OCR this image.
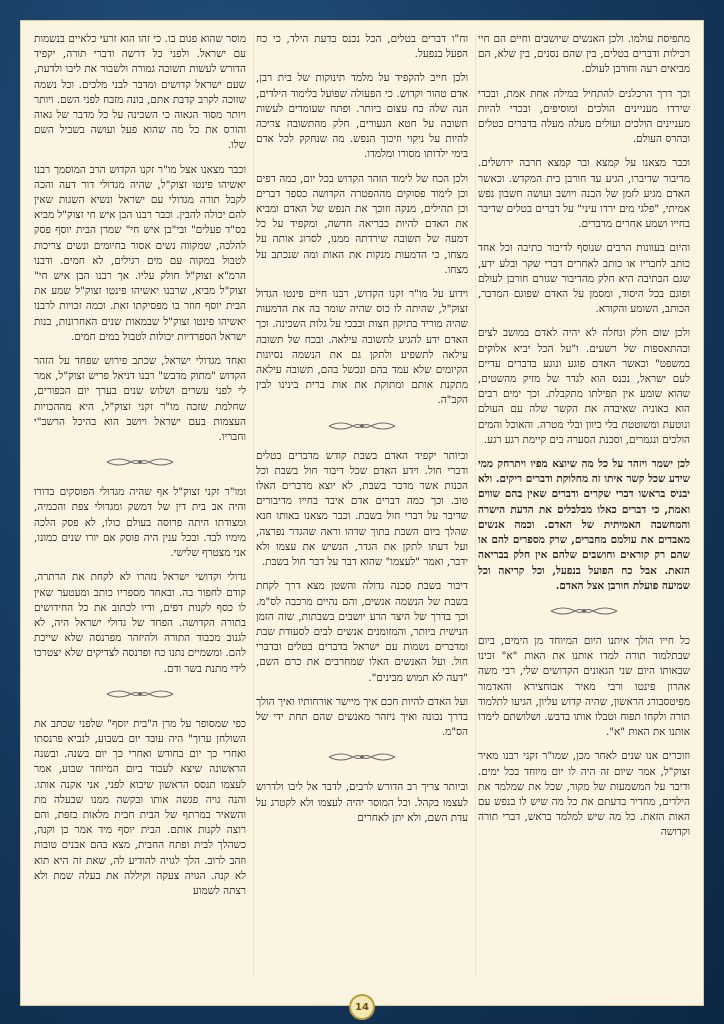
מתפיסת עולמו. ולכן האנשים שיושבים וחיים הם חיי רכילות ודברים בטלים, בין שהם נסנים, בין שלא, הם מביאים רעה וחורבן לעולם.

וכך דרך הרכלנים להתחיל במילה אחת אמת, ובכדי שירדו מעניינים הולכים ומוסיפים, ובכדי להיות מעניינים הולכים ועולים מעלה מעלה בדברים בטלים ובהרס העולם.

וכבר מצאנו על קמצא ובר קמצא חרבה ירושלים. מדיבור שדיברו, הגיע עד חורבן בית המקדש. וכאשר האדם מגיע לזמן של הבנה ויושב ועושה חשבון נפש אמיתי, "פלגי מים ירדו עיני" על דברים בטלים שדיבר בחייו ושמע אחרים מדברים.

והיום בעוונות הרבים שנוסף לדיבור כתיבה וכל אחד כותב לחבריו או כותב לאחרים דברי שקר ובלע ידע, שגם הכתיבה היא חלק מהדיבור שגורם חורבן לעולם ופוגם בכל היסוד, ומסמן על האדם שפוגם המדבר, הכותב, השומע והקורא.

ולכן שום חלק ונחלה לא יהיה לאדם במושב לצים ובהתאספות של רשעים. ו"על הכל יביא אלוקים במשפט" וכאשר האדם פוגע ונוגע בדברים עדיים לעם ישראל, נכנס הוא לגדר של מזיק מהשטים, שהוא שומע אין תפילתו מתקבלת. וכך ימים רבים הוא כאוניה שאיבדה את הקשר שלה עם העולם ונוטעת ומשוטטת בלי כיוון ובלי מטרה. והאוכל והמים הולכים ונגמרים, וסכנת הסערה בים קיימת רגע רגע.

לכן ישמר ויזהר על כל מה שיוצא מפיו ויתרחק ממי שידע שכל קשר איתו זה מחלוקת ודברים ריקים. ולא יבניס בראשו דברי שקרים ודברים שאין בהם שווים ואמת, כי דברים כאלו מבלבלים את הדעת הישרה והמחשבה האמיתית של האדם. וכמה אנשים מאבדים את עולמם מחברים, שרק מספרים להם או שהם רק קוראים וחושבים שלהם אין חלק בבריאה הזאת. אבל כח הפועל בנפעל, וכל קריאה וכל שמיעה פועלת חורבן אצל האדם.

כל חייו הולך איתנו היום המיוחד מן הימים, ביום שבתלמוד תורה למדו אותנו את האות "א" זכינו שבאותו היום שני הגאונים הקדושים שלי, רבי משה אהרון פינטו ורבי מאיר אבוחצירא והאדמור מפיטסבורג הראשון, שהיה קדוש עליון, הגיעו לתלמוד תורה ולקחו תפוח וטבלו אותו בדבש. ושלושתם לימדו אותנו את האות "א".

וזוכרים אנו שנים לאחר מכן, שמו"ר זקני רבנו מאיר זצוק"ל, אמר שיום זה היה לו יום מיוחד בכל ימים. ודיבר על המשמעות של מקור, שכל את שמלמד את הילדים, מחדיר בדעתם את כל מה שיש לו בנפש עם האות הזאת. כל מה שיש למלמד בראש, דברי תורה וקדושה

וח"ו דברים בטלים, הכל נכנס בדעת הילד, כי כח הפעל בנפעל.

ולכן חייב להקפיד על מלמד תינוקות של בית רבן, אדם טהור וקדוש. כי הפעולה שפועל בלימוד הילדים, הנה שלה כח עצום ביותר. ופתח שעומדים לעשות תשובה על חטא הנעורים, חלק מהתשובה צריכה להיות על ניקוי וזיכוך הנפש. מה שנחקק לכל אדם בימי ילדותו מסורו ומלמדו.

ולכן הכח של לימוד הזהר הקדוש בכל יום, כמה דפים וכן לימוד פסוקים מההפטרה הקדושה כספר דברים וכן תהילים, מנקה וזוכך את הנפש של האדם ומביא את האדם להיות כבריאה חדשה, ומקפיד על כל דמעה של תשובה שירדתה ממנו, לסרוג אותה על מצחו, כי הדמעות מנקות את האות ומה שנכתב על מצחו.

וידוע על מו"ר זקנו הקדוש, רבנו חיים פינטו הגדול זצוק"ל, שהיתה לו כוס שהיה שומר בה את הדמעות שהיה מוריד בתיקון חצות ובבכי על גלות השכינה. וכך האדם ידע להגיע לתשובה עילאה. ובכח של תשובה עילאה לתשפיע ולתקן גם את הנשמה נסיונות הקיומים שלא עמד בהם ונכשל בהם, תשובה עילאה מתקנת אותם ומתוקת את אות ברית בינינו לבין הקב"ה.

וביותר יקפיד האדם בשבת קודש מדברים בטלים ודברי חול. וידע האדם שכל דיבור חול בשבת וכל הכנות אשר מדבר בשבת, לא יוצא מדברים האלו טוב. וכך כמה דברים אדם איבד בחייו מדיבורים שדיבר על דברי חול בשבת. וכבר מצאנו באותו חנא שהלך ביום השבת בתוך שדהו וראה שהגדר נפרצה, ועל דעתו לתקן את הגדר, הנשיש את עצמו ולא ידבר, ואמר "לעצמו" שהוא דבר על דבר חול בשבת.

דיבור בשבת סכנה גדולה והשטן מצא דרך לקחת בשבת של הנשמה אנשים, והם נהיים מרכבה לס"מ. וכך בדרך של היצר הרע יושבים בשבתות, שזה הזמן הנישית ביותר, והמזומנים אנשים לבים לסעודת שבת ומדברים נשמות עם ישראל בדברים בטלים ובדברי חול. ועל האנשים האלו שמחרבים את כרם השם, "דעה לא תמוש מבינים".

ועל האדם להיות חכם איך מיישר אורחותיו ואיך הולך בדרך נכונה ואיך ניזהר מאנשים שהם תחת ידי של הס"מ.

וביותר צריך רב הדורש לרבים, לדבר אל ליבו ולדרוש לעצמו בקהל. וכל המוסר יהיה לעצמו ולא לקטרג על עדת השם, ולא יתן לאחרים

מוסר שהוא פגום בו. כי זהו הוא זרעי כלאיים בנשמות עם ישראל. ולפני כל דרשה ודברי תורה, יקפיד הדורש לעשות תשובה גמורה ולשבור את ליבו ולדעת, שעם ישראל קדושים ומדבר לבני מלכים. וכל נשמה שזוכה לקרב קדבת אתם, בונה מזבח לפני השם. ויותר ויותר מסוד הגאוה כי השכינה על כל מדבר של גאוה והורס את כל מה שהוא פעל ועושה בשביל השם שלו.

וכבר מצאנו אצל מו"ר זקנו הקדוש הרב המוסמך רבנו יאשיהו פינטו זצוק"ל, שהיה מגדולי דור דעה והכה לקבל תורה מגדולי עם ישראל ונשיא השגות שאין להם יכולה להבין. וכבר רבנו הבן איש חי זצוק"ל מביא בס"ד פעלים" ובי"בן איש חי" שמרן הבית יוסף פסק להלכה, שמקווה נשים אסור בחיומים ונשים צריכות לטבול במקוה עם מים רגילים, לא חמים. ודבנו הרמ"א זצוק"ל חולק עליו. אך רבנו הבן איש חי" זצוק"ל מביא, שרבנו יאשיהו פינטו זצוק"ל שמע את הבית יוסף חוזר בו מפסיקתו זאת. וכמה זכויות לרבנו יאשיהו פינטו זצוק"ל שבמאות שנים האחרונות, בנות ישראל הספרדיות יכולות לטבול במים חמים.

ואחד מגדולי ישראל, שכתב פירוש שפחד על הזהר הקדוש "מתוק מדבש" רבנו דניאל פריש זצוק"ל, אמר לי לפני עשרים ושלוש שנים בערך יום הכפורים, שחלמת שזכה מו"ר זקני זצוק"ל, היא מההכויות העצמות בעם ישראל ויושב הוא בהיכל הרשב"י וחבריו.

ומו"ר זקני זצוק"ל אף שהיה מגדולי הפוסקים בדורו והיה אב בית דין של דמשק ומגדולי צפת והכמיה, ומצודתו היתה פרוסה בעולם כולו, לא פסק הלכה מימיו לבד. ובכל ענין היה פוסק אם יורו שנים כמונו, אני מצטרף שלישי.

גדולי וקדושי ישראל נזהרו לא לקחת את הרתרה, קודם לחפור בה. ובאחד מספריו כותב ומעטער שאין לו כסף לקנות דפים, ודיו לכתוב את כל החידושים בתורה הקדושה. הפחד של גדולי ישראל היה, לא לגנוב מכבוד התורה ולהיזהר מפרנסה שלא שייכת להם. ומשמיים נתנו כח ופרנסה לצדיקים שלא יצטרכו לידי מתנת בשר ודם.

כפי שמסופר על מרן ה"בית יוסף" שלפני שכתב את השולחן ערוך" היה עובד יום בשבוע, לנביא פרנסתו ואחרי כך יום בחודש ואחרי כך יום בשנה. ובשנה הראשונה שיצא לעבוד ביום המיוחד שבוע, אמר לעצמו תנסס הראשון שיבוא לפני, אני אקנה אותו. והנה גויה פגשה אותו ובקשה ממנו שבעלה מת והשאיר במרתף של הבית חבית מלאות בזפת, והם רוצה לקנות אותם. הבית יוסף מיד אמר כן וקנה, כשהלך לבית ופתח החבית, מצא בהם אבנים טובות וזהב לרוב. הלך לגויה להודיע לה, שאת זה היא תוא לא קנה. הגויה צעקה וקיללה את בעלה שמת ולא רצתה לשמוע

14
